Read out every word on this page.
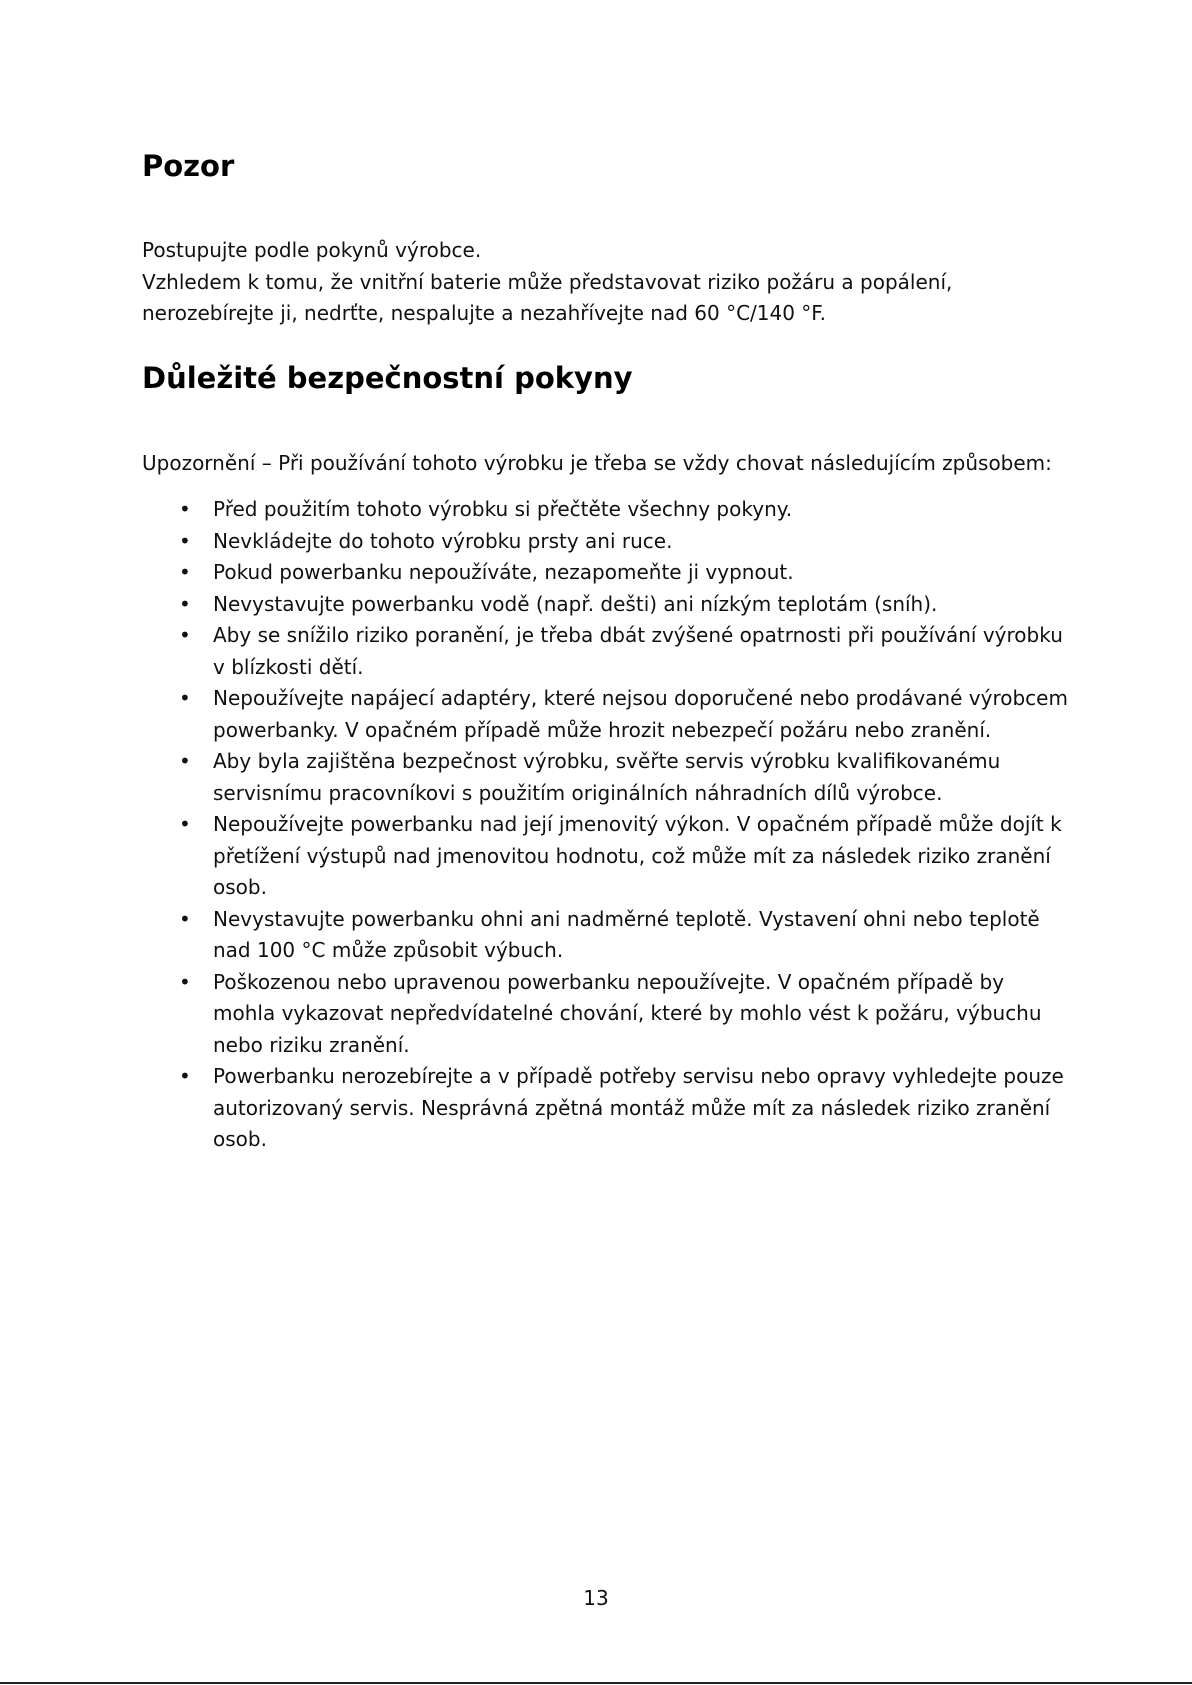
Pozor
Postupujte podle pokynů výrobce.
Vzhledem k tomu, že vnitřní baterie může představovat riziko požáru a popálení,
nerozebírejte ji, nedrťte, nespalujte a nezahřívejte nad 60 °C/140 °F.
Důležité bezpečnostní pokyny
Upozornění – Při používání tohoto výrobku je třeba se vždy chovat následujícím způsobem:
• Před použitím tohoto výrobku si přečtěte všechny pokyny.
• Nevkládejte do tohoto výrobku prsty ani ruce.
• Pokud powerbanku nepoužíváte, nezapomeňte ji vypnout.
• Nevystavujte powerbanku vodě (např. dešti) ani nízkým teplotám (sníh).
• Aby se snížilo riziko poranění, je třeba dbát zvýšené opatrnosti při používání výrobku
v blízkosti dětí.
• Nepoužívejte napájecí adaptéry, které nejsou doporučené nebo prodávané výrobcem
powerbanky. V opačném případě může hrozit nebezpečí požáru nebo zranění.
• Aby byla zajištěna bezpečnost výrobku, svěřte servis výrobku kvalifikovanému
servisnímu pracovníkovi s použitím originálních náhradních dílů výrobce.
• Nepoužívejte powerbanku nad její jmenovitý výkon. V opačném případě může dojít k
přetížení výstupů nad jmenovitou hodnotu, což může mít za následek riziko zranění
osob.
• Nevystavujte powerbanku ohni ani nadměrné teplotě. Vystavení ohni nebo teplotě
nad 100 °C může způsobit výbuch.
• Poškozenou nebo upravenou powerbanku nepoužívejte. V opačném případě by
mohla vykazovat nepředvídatelné chování, které by mohlo vést k požáru, výbuchu
nebo riziku zranění.
• Powerbanku nerozebírejte a v případě potřeby servisu nebo opravy vyhledejte pouze
autorizovaný servis. Nesprávná zpětná montáž může mít za následek riziko zranění
osob.
13
